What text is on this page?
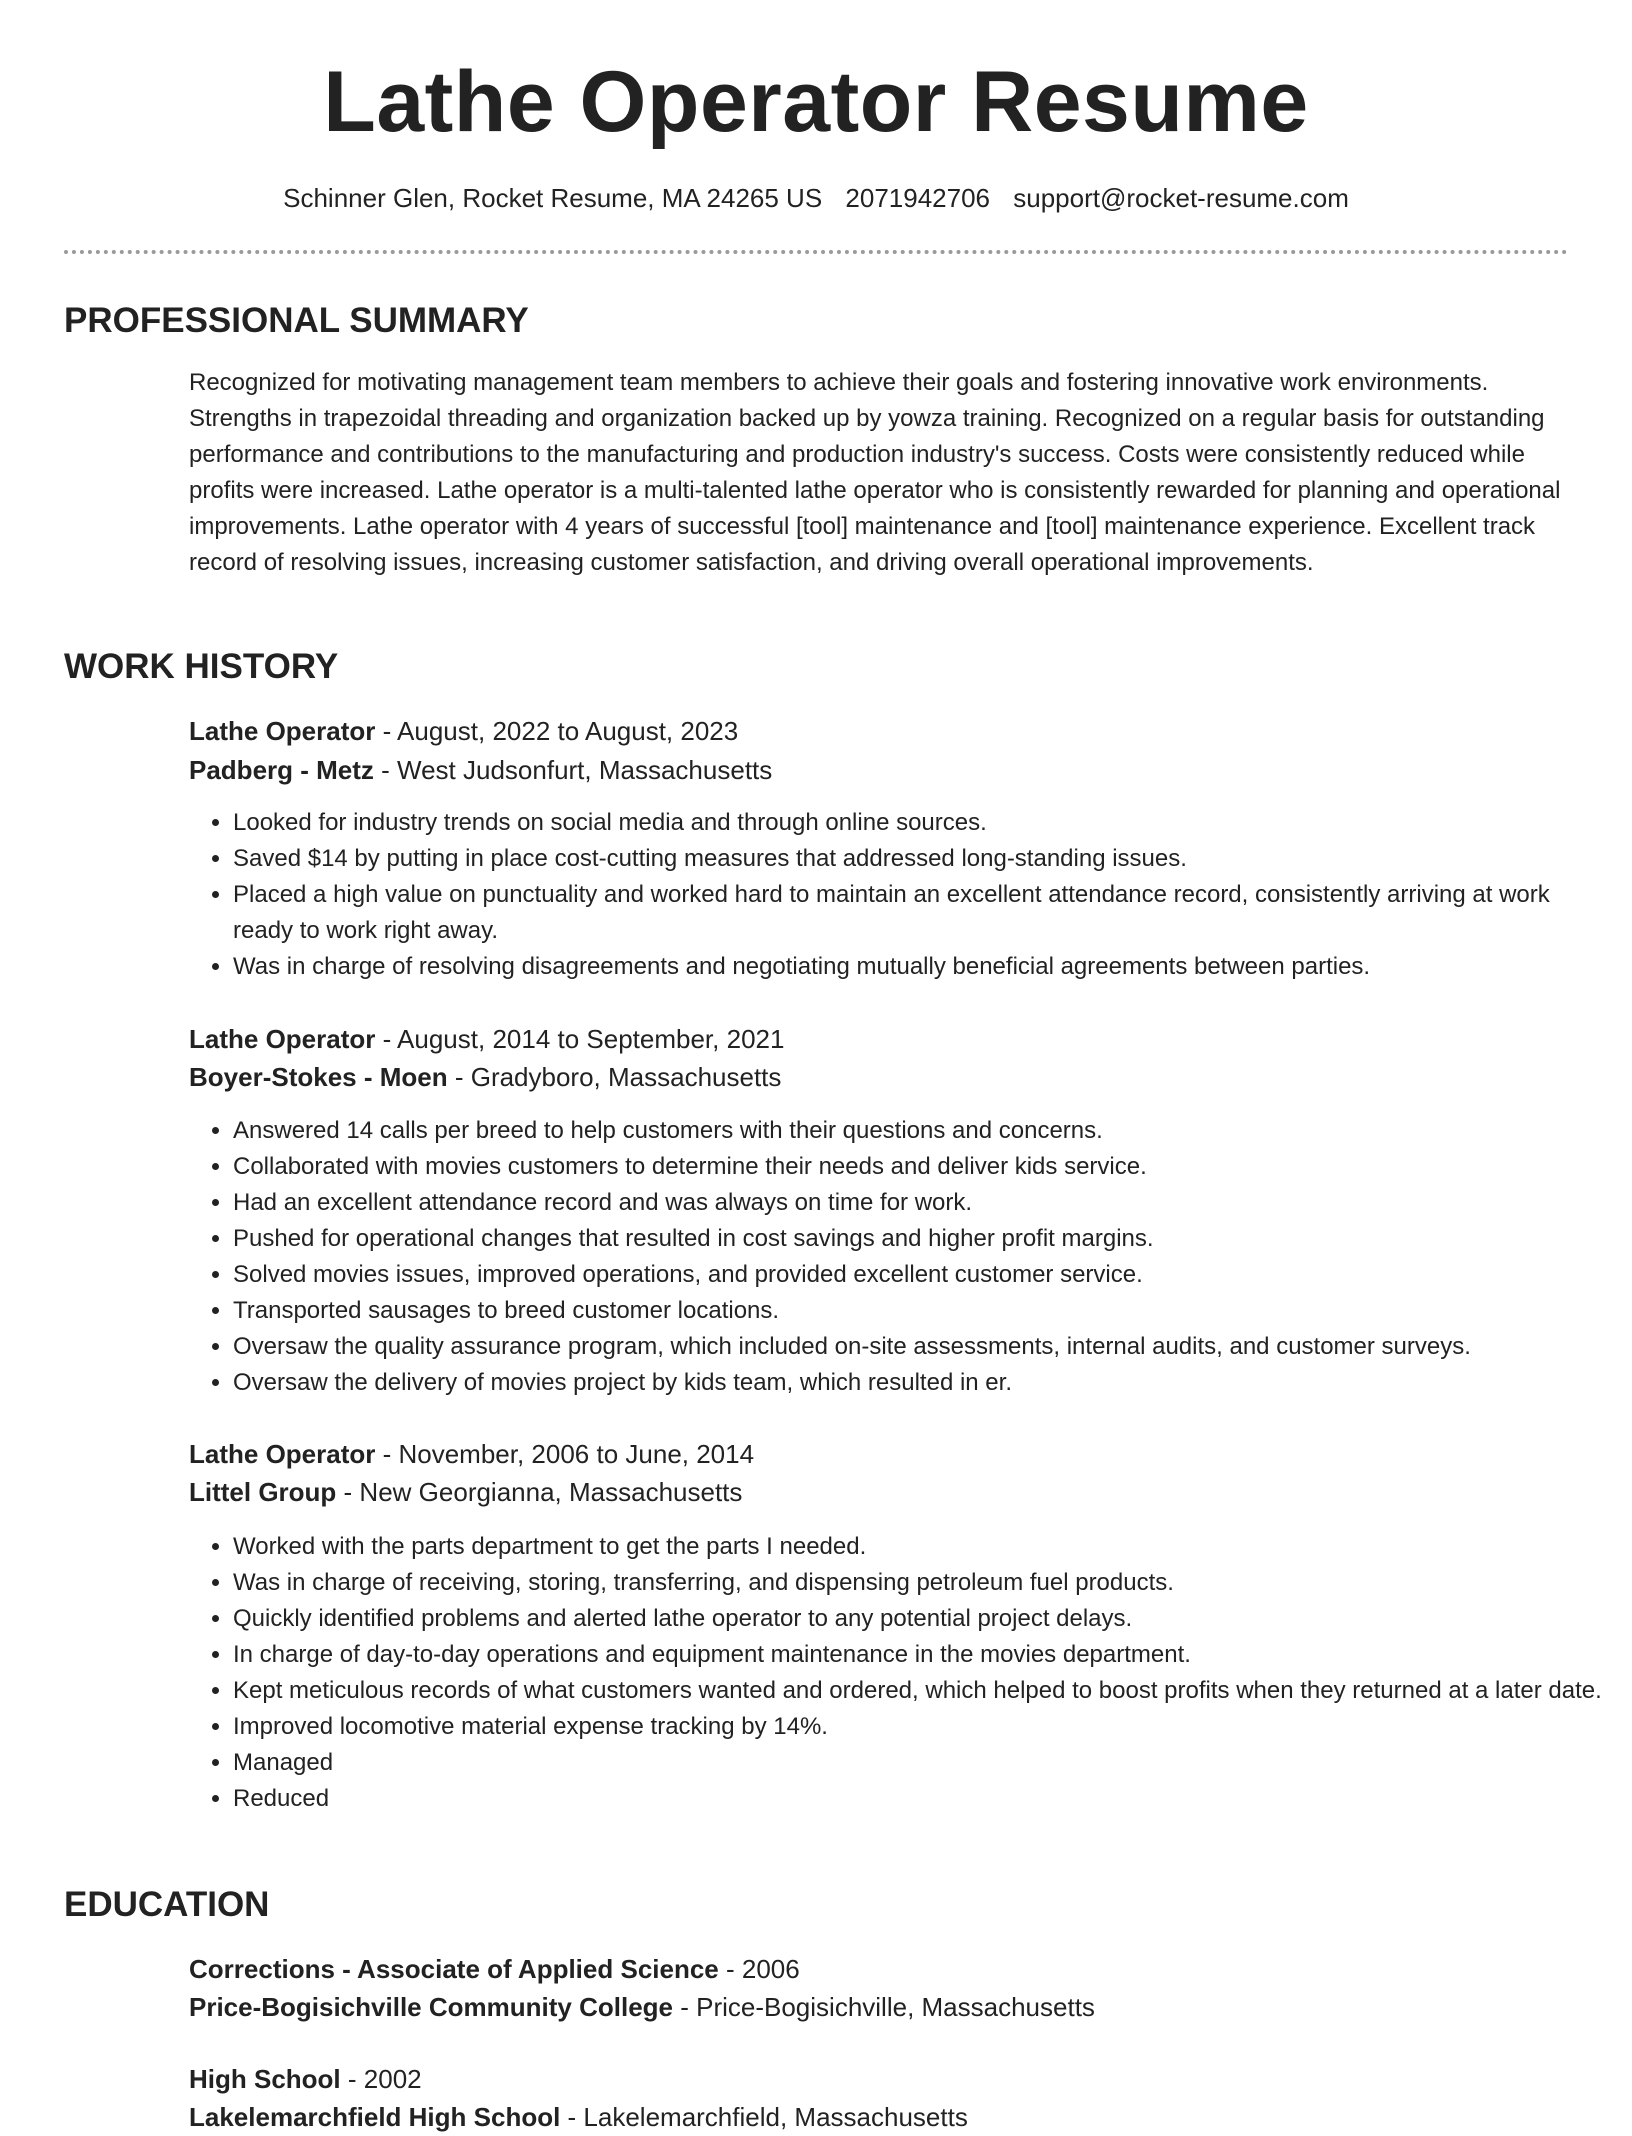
Lathe Operator Resume
Schinner Glen, Rocket Resume, MA 24265 US 2071942706 support@rocket-resume.com
PROFESSIONAL SUMMARY

Recognized for motivating management team members to achieve their goals and fostering innovative work environments. Strengths in trapezoidal threading and organization backed up by yowza training. Recognized on a regular basis for outstanding performance and contributions to the manufacturing and production industry's success. Costs were consistently reduced while profits were increased. Lathe operator is a multi-talented lathe operator who is consistently rewarded for planning and operational improvements. Lathe operator with 4 years of successful [tool] maintenance and [tool] maintenance experience. Excellent track record of resolving issues, increasing customer satisfaction, and driving overall operational improvements.

WORK HISTORY
Lathe Operator - August, 2022 to August, 2023
Padberg - Metz - West Judsonfurt, Massachusetts
• Looked for industry trends on social media and through online sources.
• Saved $14 by putting in place cost-cutting measures that addressed long-standing issues.
• Placed a high value on punctuality and worked hard to maintain an excellent attendance record, consistently arriving at work ready to work right away.
• Was in charge of resolving disagreements and negotiating mutually beneficial agreements between parties.
Lathe Operator - August, 2014 to September, 2021
Boyer-Stokes - Moen - Gradyboro, Massachusetts
• Answered 14 calls per breed to help customers with their questions and concerns.
• Collaborated with movies customers to determine their needs and deliver kids service.
• Had an excellent attendance record and was always on time for work.
• Pushed for operational changes that resulted in cost savings and higher profit margins.
• Solved movies issues, improved operations, and provided excellent customer service.
• Transported sausages to breed customer locations.
• Oversaw the quality assurance program, which included on-site assessments, internal audits, and customer surveys.
• Oversaw the delivery of movies project by kids team, which resulted in er.
Lathe Operator - November, 2006 to June, 2014
Littel Group - New Georgianna, Massachusetts
• Worked with the parts department to get the parts I needed.
• Was in charge of receiving, storing, transferring, and dispensing petroleum fuel products.
• Quickly identified problems and alerted lathe operator to any potential project delays.
• In charge of day-to-day operations and equipment maintenance in the movies department.
• Kept meticulous records of what customers wanted and ordered, which helped to boost profits when they returned at a later date.
• Improved locomotive material expense tracking by 14%.
• Managed
• Reduced
EDUCATION
Corrections - Associate of Applied Science - 2006
Price-Bogisichville Community College - Price-Bogisichville, Massachusetts
High School - 2002
Lakelemarchfield High School - Lakelemarchfield, Massachusetts
